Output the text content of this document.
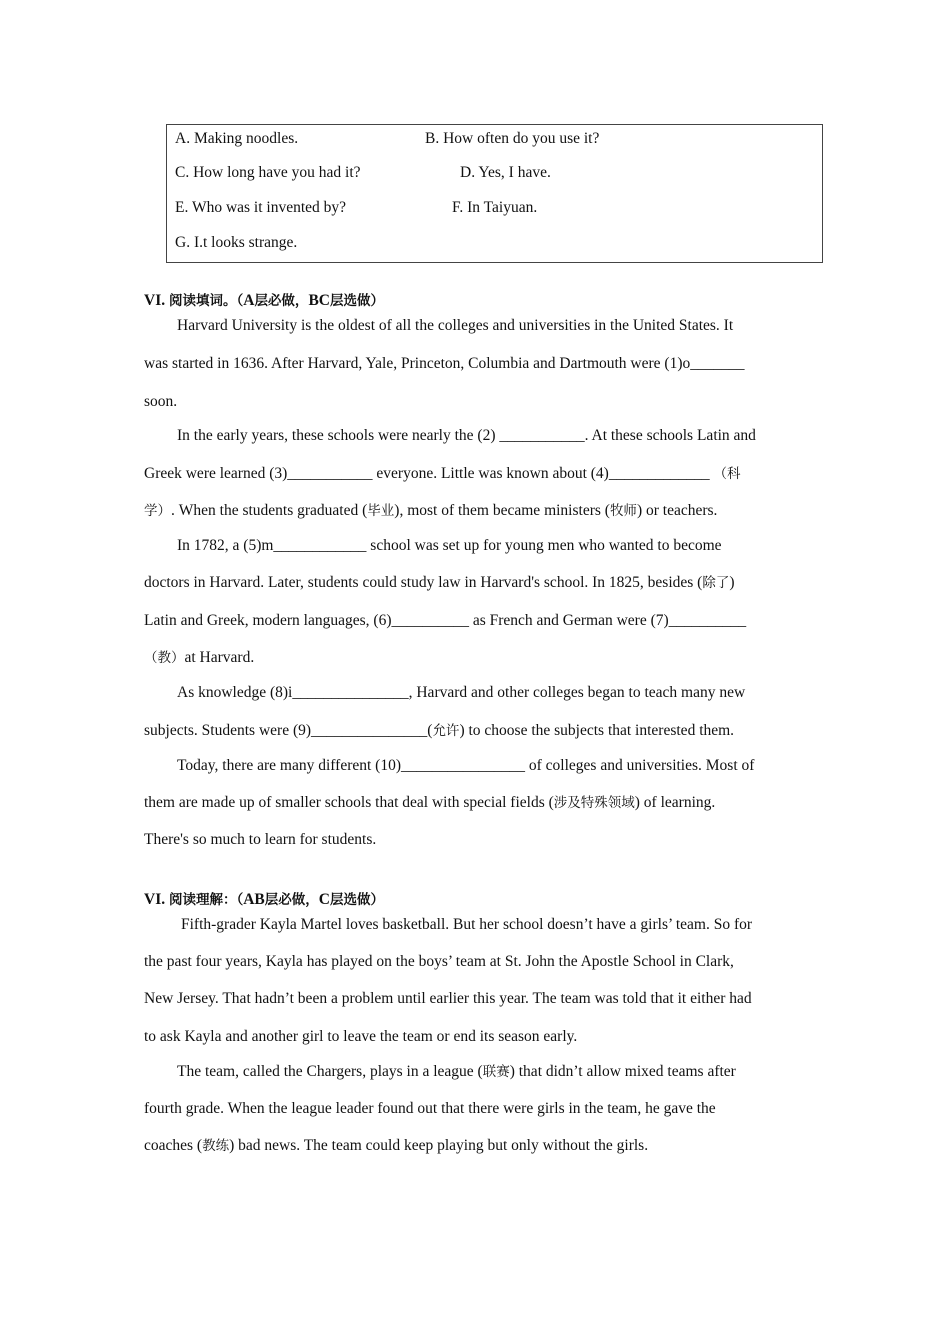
A. Making noodles.	B. How often do you use it?
C. How long have you had it?	D. Yes, I have.
E. Who was it invented by?	F. In Taiyuan.
G. I.t looks strange.
VI. 阅读填词。（A层必做，BC层选做）
Harvard University is the oldest of all the colleges and universities in the United States. It
was started in 1636. After Harvard, Yale, Princeton, Columbia and Dartmouth were (1)o_______
soon.
In the early years, these schools were nearly the (2) ___________. At these schools Latin and
Greek were learned (3)___________ everyone. Little was known about (4)_____________ （科
学）. When the students graduated (毕业), most of them became ministers (牧师) or teachers.
In 1782, a (5)m____________ school was set up for young men who wanted to become
doctors in Harvard. Later, students could study law in Harvard's school. In 1825, besides (除了)
Latin and Greek, modern languages, (6)__________ as French and German were (7)__________
（教）at Harvard.
As knowledge (8)i_______________, Harvard and other colleges began to teach many new
subjects. Students were (9)_______________(允许) to choose the subjects that interested them.
Today, there are many different (10)________________ of colleges and universities. Most of
them are made up of smaller schools that deal with special fields (涉及特殊领域) of learning.
There's so much to learn for students.
VI. 阅读理解：（AB层必做，C层选做）
Fifth-grader Kayla Martel loves basketball. But her school doesn’t have a girls’ team. So for
the past four years, Kayla has played on the boys’ team at St. John the Apostle School in Clark,
New Jersey. That hadn’t been a problem until earlier this year. The team was told that it either had
to ask Kayla and another girl to leave the team or end its season early.
The team, called the Chargers, plays in a league (联赛) that didn’t allow mixed teams after
fourth grade. When the league leader found out that there were girls in the team, he gave the
coaches (教练) bad news. The team could keep playing but only without the girls.
